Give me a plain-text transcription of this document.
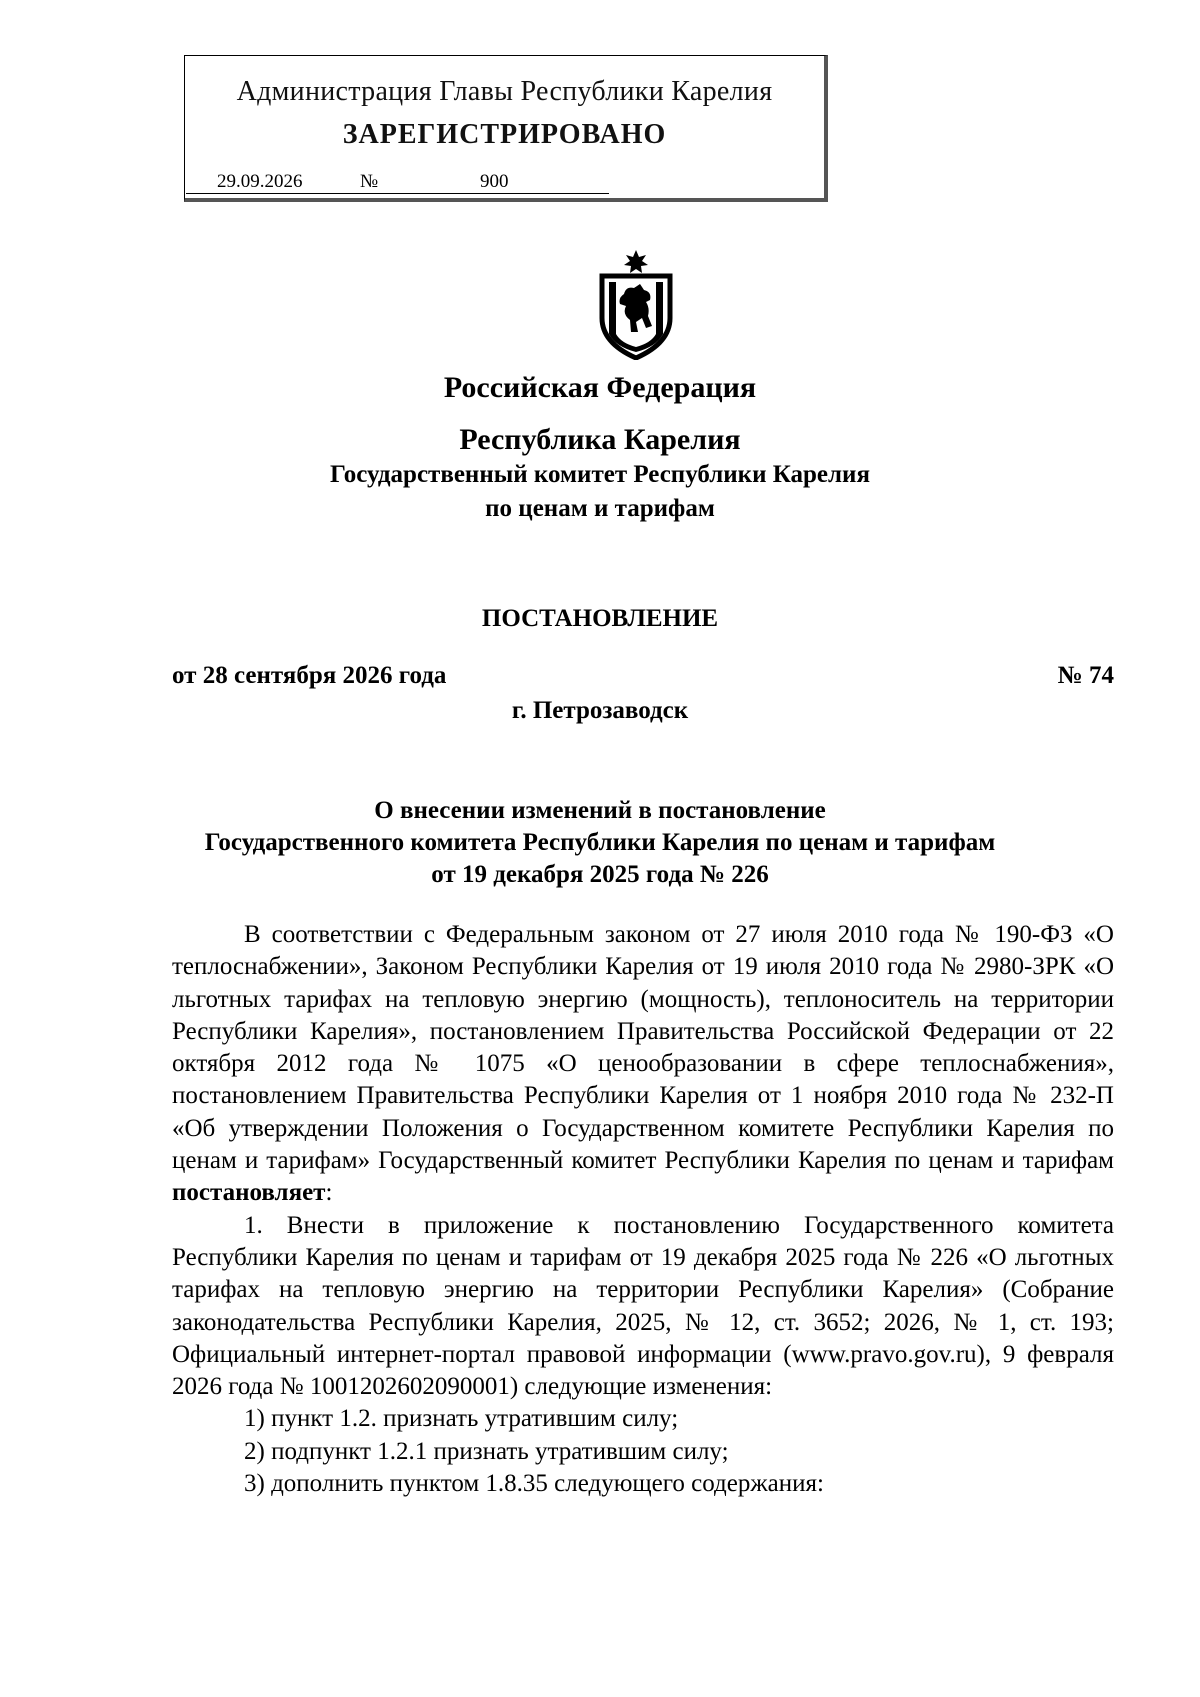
Администрация Главы Республики Карелия
ЗАРЕГИСТРИРОВАНО
29.09.2026	№	900
Российская Федерация
Республика Карелия
Государственный комитет Республики Карелия
по ценам и тарифам
ПОСТАНОВЛЕНИЕ
от 28 сентября 2026 года	№ 74
г. Петрозаводск
О внесении изменений в постановление
Государственного комитета Республики Карелия по ценам и тарифам
от 19 декабря 2025 года № 226

В соответствии с Федеральным законом от 27 июля 2010 года № 190-ФЗ «О теплоснабжении», Законом Республики Карелия от 19 июля 2010 года № 2980-ЗРК «О льготных тарифах на тепловую энергию (мощность), теплоноситель на территории Республики Карелия», постановлением Правительства Российской Федерации от 22 октября 2012 года № 1075 «О ценообразовании в сфере теплоснабжения», постановлением Правительства Республики Карелия от 1 ноября 2010 года № 232-П «Об утверждении Положения о Государственном комитете Республики Карелия по ценам и тарифам» Государственный комитет Республики Карелия по ценам и тарифам постановляет:

1. Внести в приложение к постановлению Государственного комитета Республики Карелия по ценам и тарифам от 19 декабря 2025 года № 226 «О льготных тарифах на тепловую энергию на территории Республики Карелия» (Собрание законодательства Республики Карелия, 2025, № 12, ст. 3652; 2026, № 1, ст. 193; Официальный интернет-портал правовой информации (www.pravo.gov.ru), 9 февраля 2026 года № 1001202602090001) следующие изменения:

1) пункт 1.2. признать утратившим силу;

2) подпункт 1.2.1 признать утратившим силу;

3) дополнить пунктом 1.8.35 следующего содержания:
